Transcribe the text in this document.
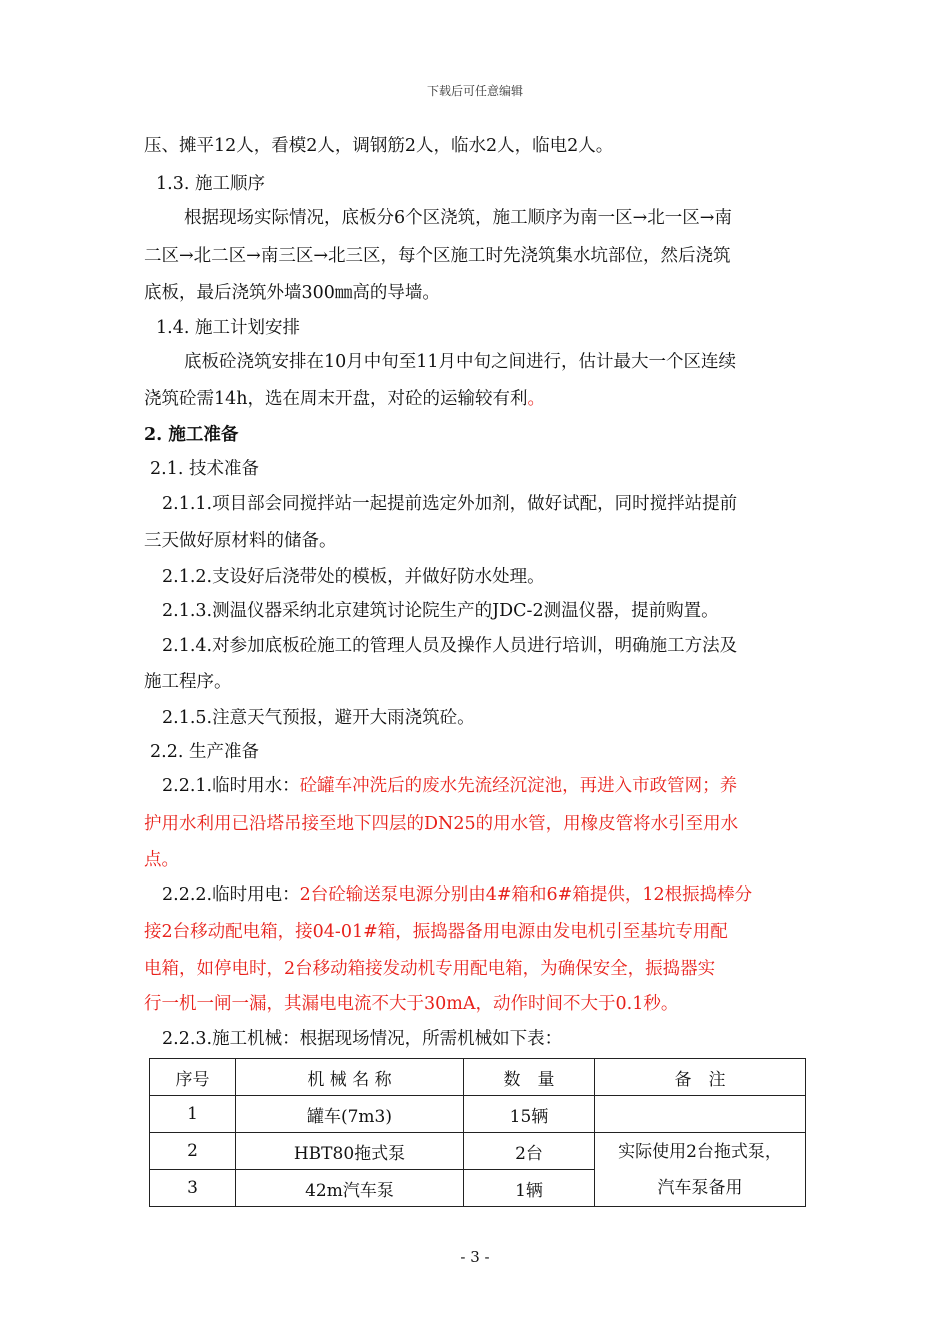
下载后可任意编辑
压、摊平12人，看模2人，调钢筋2人，临水2人，临电2人。
1.3. 施工顺序
根据现场实际情况，底板分6个区浇筑，施工顺序为南一区→北一区→南
二区→北二区→南三区→北三区，每个区施工时先浇筑集水坑部位，然后浇筑
底板，最后浇筑外墙300㎜高的导墙。
1.4. 施工计划安排
底板砼浇筑安排在10月中旬至11月中旬之间进行，估计最大一个区连续
浇筑砼需14h，选在周末开盘，对砼的运输较有利。
2. 施工准备
2.1. 技术准备
2.1.1.项目部会同搅拌站一起提前选定外加剂，做好试配，同时搅拌站提前
三天做好原材料的储备。
2.1.2.支设好后浇带处的模板，并做好防水处理。
2.1.3.测温仪器采纳北京建筑讨论院生产的JDC-2测温仪器，提前购置。
2.1.4.对参加底板砼施工的管理人员及操作人员进行培训，明确施工方法及
施工程序。
2.1.5.注意天气预报，避开大雨浇筑砼。
2.2. 生产准备
2.2.1.临时用水：砼罐车冲洗后的废水先流经沉淀池，再进入市政管网；养
护用水利用已沿塔吊接至地下四层的DN25的用水管，用橡皮管将水引至用水
点。
2.2.2.临时用电：2台砼输送泵电源分别由4#箱和6#箱提供，12根振捣棒分
接2台移动配电箱，接04-01#箱，振捣器备用电源由发电机引至基坑专用配
电箱，如停电时，2台移动箱接发动机专用配电箱，为确保安全，振捣器实
行一机一闸一漏，其漏电电流不大于30mA，动作时间不大于0.1秒。
2.2.3.施工机械：根据现场情况，所需机械如下表：
序号	机 械 名 称	数　量	备　注
1	罐车(7m3)	15辆	
2	HBT80拖式泵	2台	实际使用2台拖式泵，
汽车泵备用

3	42m汽车泵	1辆	
- 3 -
